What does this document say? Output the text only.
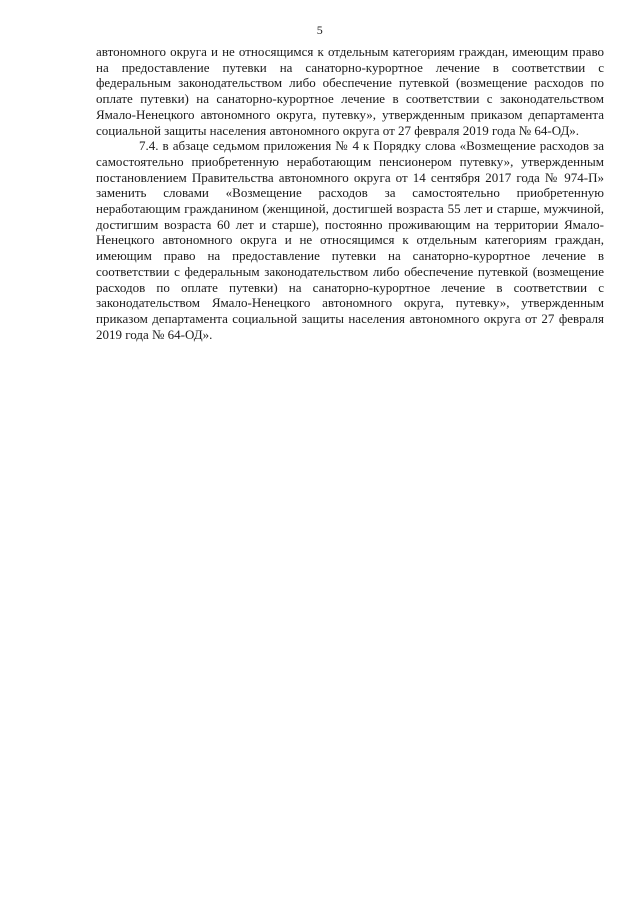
5

автономного округа и не относящимся к отдельным категориям граждан, имеющим право на предоставление путевки на санаторно-курортное лечение в соответствии с федеральным законодательством либо обеспечение путевкой (возмещение расходов по оплате путевки) на санаторно-курортное лечение в соответствии с законодательством Ямало-Ненецкого автономного округа, путевку», утвержденным приказом департамента социальной защиты населения автономного округа от 27 февраля 2019 года № 64-ОД».

7.4. в абзаце седьмом приложения № 4 к Порядку слова «Возмещение расходов за самостоятельно приобретенную неработающим пенсионером путевку», утвержденным постановлением Правительства автономного округа от 14 сентября 2017 года № 974-П» заменить словами «Возмещение расходов за самостоятельно приобретенную неработающим гражданином (женщиной, достигшей возраста 55 лет и старше, мужчиной, достигшим возраста 60 лет и старше), постоянно проживающим на территории Ямало-Ненецкого автономного округа и не относящимся к отдельным категориям граждан, имеющим право на предоставление путевки на санаторно-курортное лечение в соответствии с федеральным законодательством либо обеспечение путевкой (возмещение расходов по оплате путевки) на санаторно-курортное лечение в соответствии с законодательством Ямало-Ненецкого автономного округа, путевку», утвержденным приказом департамента социальной защиты населения автономного округа от 27 февраля 2019 года № 64-ОД».
